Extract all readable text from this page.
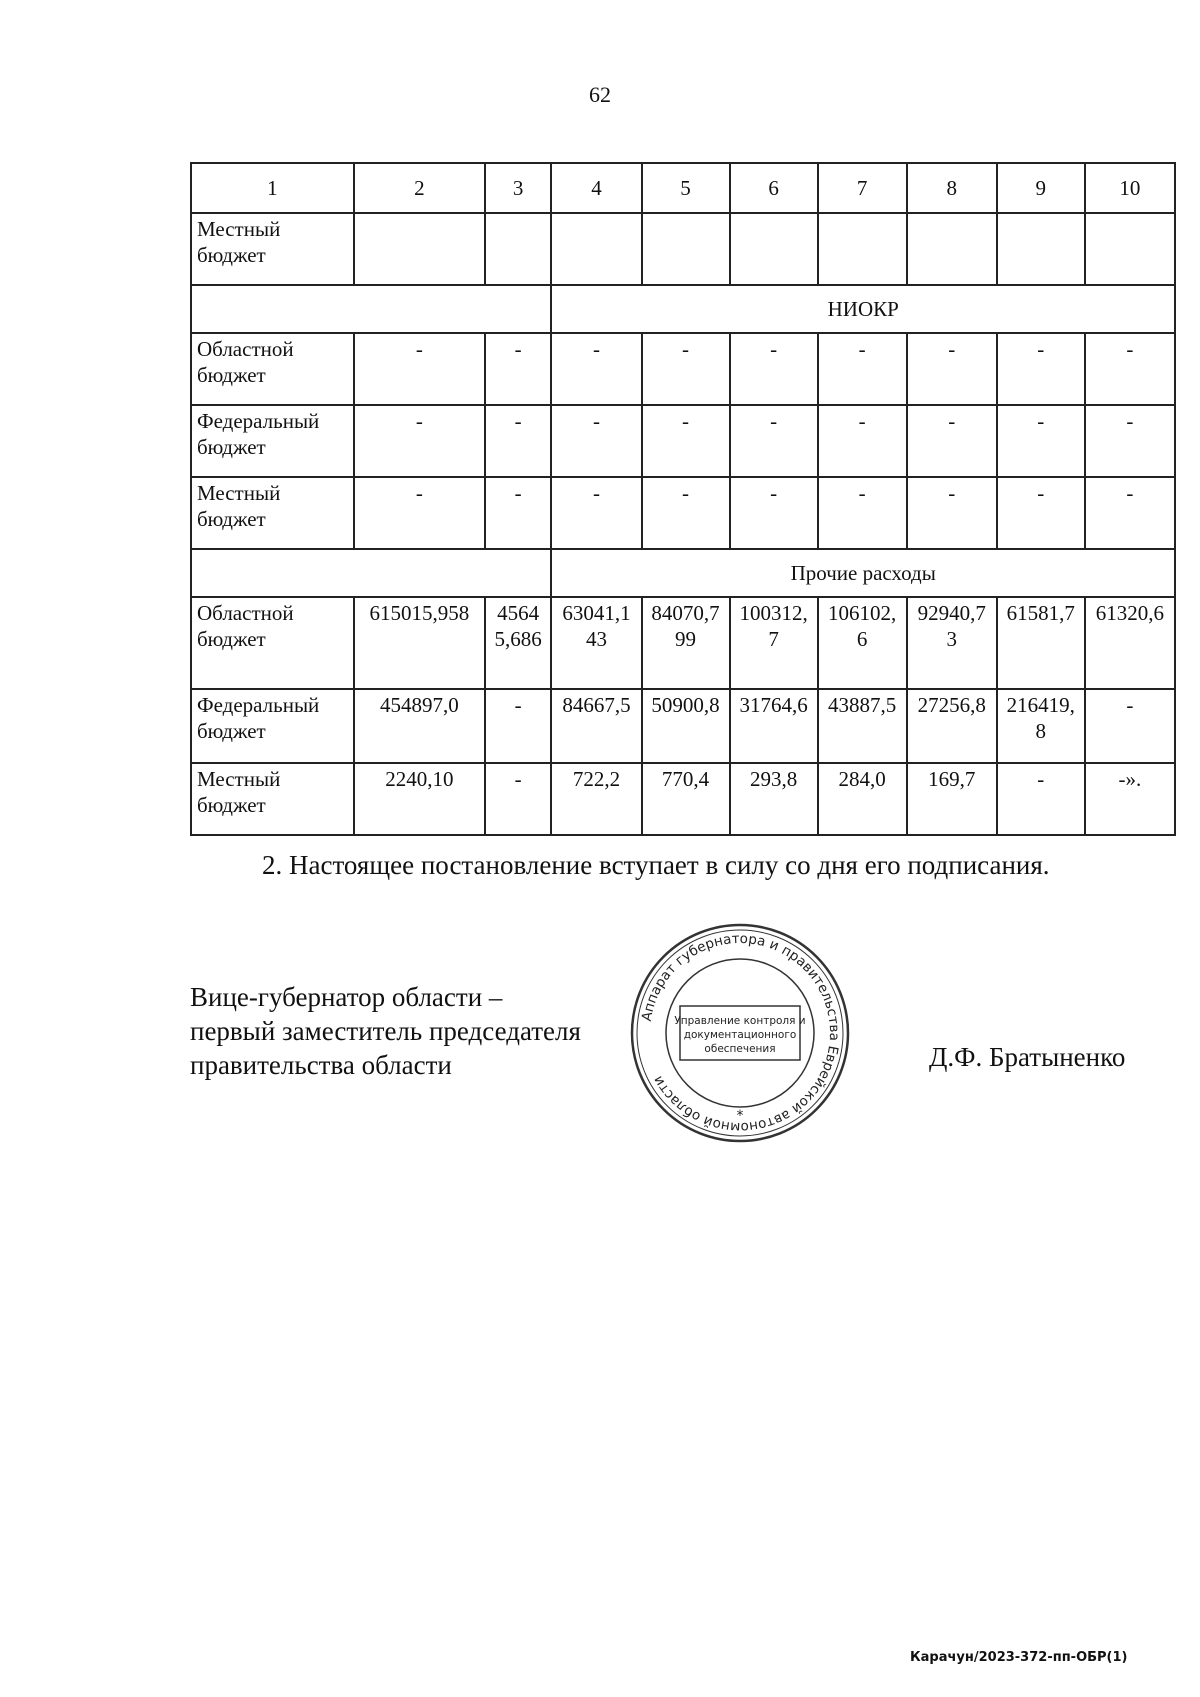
62
1	2	3	4	5	6	7	8	9	10
Местный бюджет									
			НИОКР						
Областной бюджет	-	-	-	-	-	-	-	-	-
Федеральный бюджет	-	-	-	-	-	-	-	-	-
Местный бюджет	-	-	-	-	-	-	-	-	-
			Прочие расходы						
Областной бюджет	615015,958	45645,686	63041,143	84070,799	100312,7	106102,6	92940,73	61581,7	61320,6
Федеральный бюджет	454897,0	-	84667,5	50900,8	31764,6	43887,5	27256,8	216419,8	-
Местный бюджет	2240,10	-	722,2	770,4	293,8	284,0	169,7	-	-».
2. Настоящее постановление вступает в силу со дня его подписания.
Вице-губернатор области –
первый заместитель председателя
правительства области
Аппарат губернатора и правительства Еврейской автономной области
Управление контроля и
документационного
обеспечения
*
Д.Ф. Братыненко
Карачун/2023-372-пп-ОБР(1)
